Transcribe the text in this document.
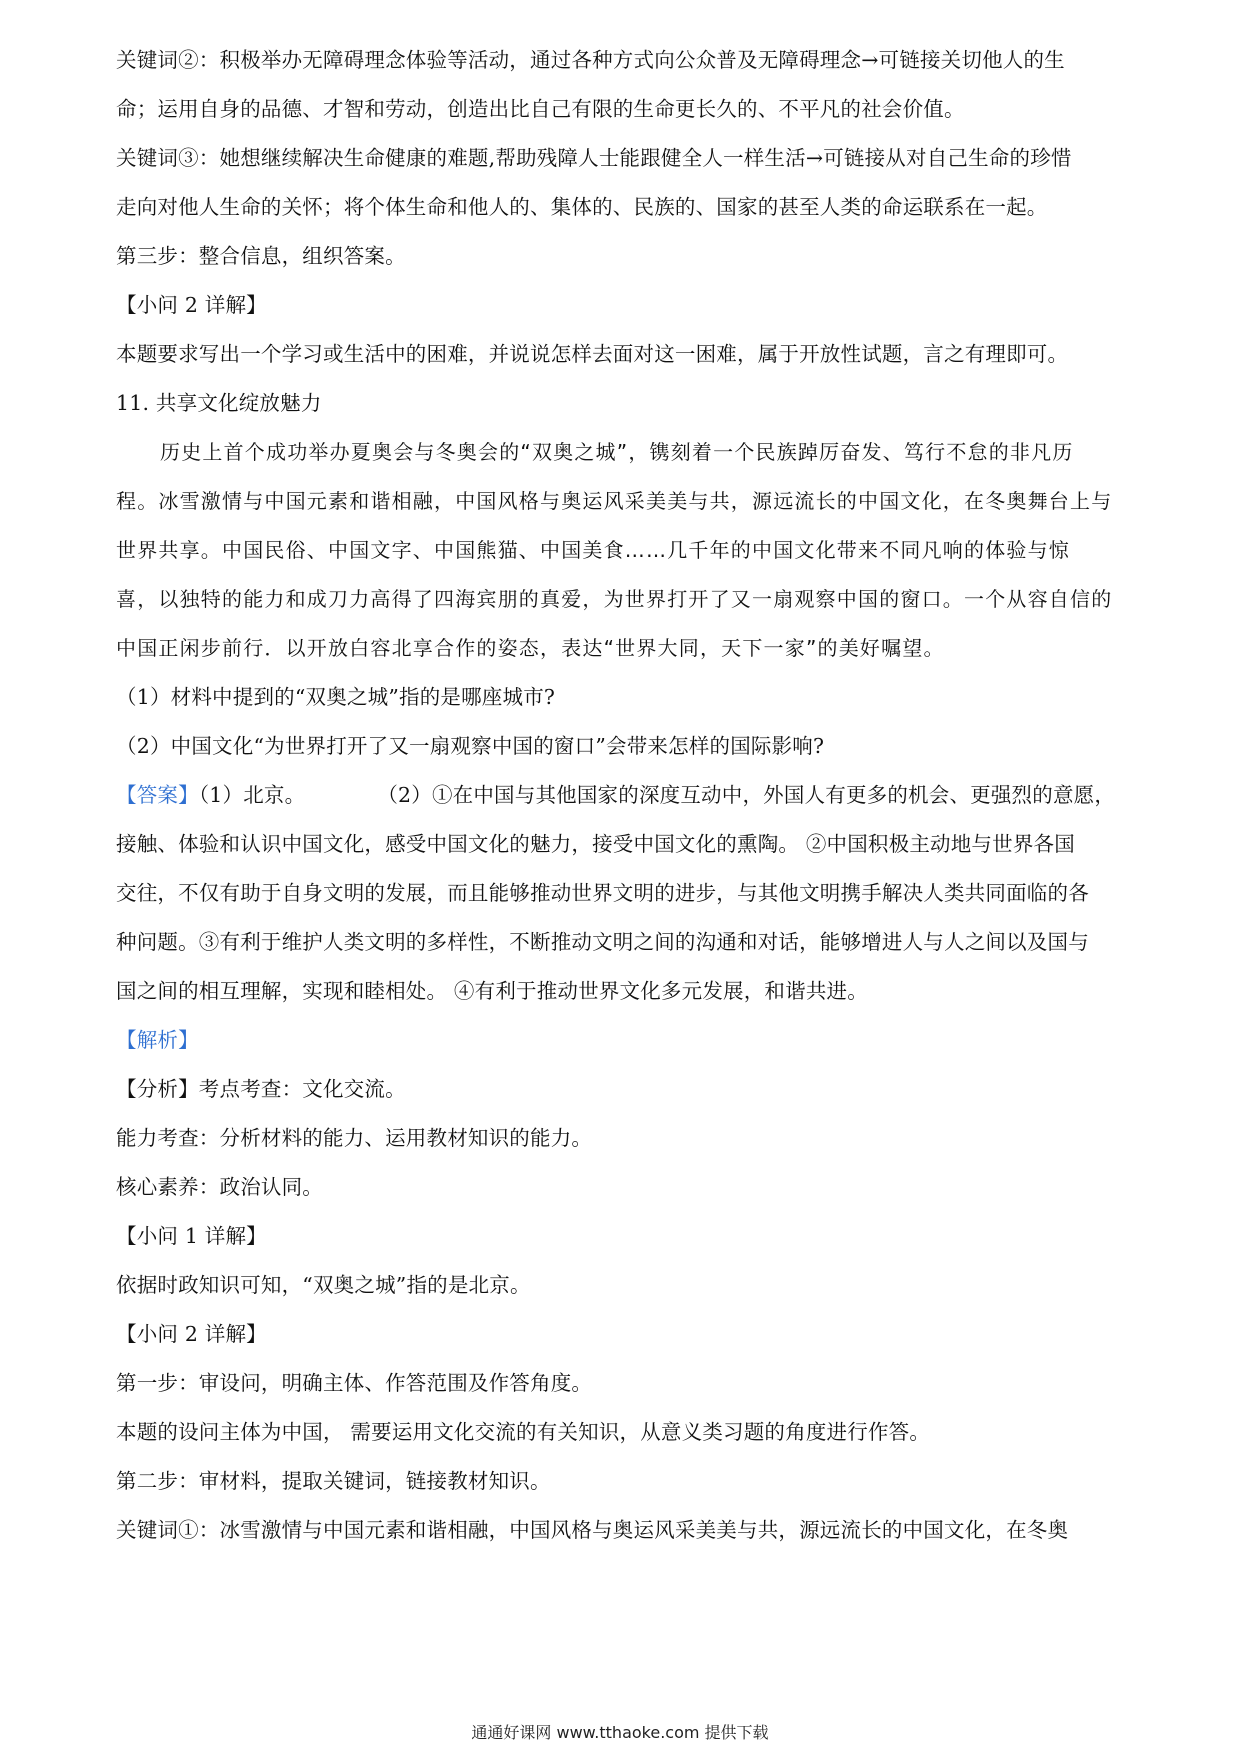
关键词②：积极举办无障碍理念体验等活动，通过各种方式向公众普及无障碍理念→可链接关切他人的生
命；运用自身的品德、才智和劳动，创造出比自己有限的生命更长久的、不平凡的社会价值。
关键词③：她想继续解决生命健康的难题,帮助残障人士能跟健全人一样生活→可链接从对自己生命的珍惜
走向对他人生命的关怀；将个体生命和他人的、集体的、民族的、国家的甚至人类的命运联系在一起。
第三步：整合信息，组织答案。
【小问 2 详解】
本题要求写出一个学习或生活中的困难，并说说怎样去面对这一困难，属于开放性试题，言之有理即可。
11. 共享文化绽放魅力
历史上首个成功举办夏奥会与冬奥会的“双奥之城”，镌刻着一个民族踔厉奋发、笃行不怠的非凡历
程。冰雪激情与中国元素和谐相融，中国风格与奥运风采美美与共，源远流长的中国文化，在冬奥舞台上与
世界共享。中国民俗、中国文字、中国熊猫、中国美食……几千年的中国文化带来不同凡响的体验与惊
喜，以独特的能力和成刀力高得了四海宾朋的真爱，为世界打开了又一扇观察中国的窗口。一个从容自信的
中国正闲步前行．以开放白容北享合作的姿态，表达“世界大同，天下一家”的美好嘱望。
（1）材料中提到的“双奥之城”指的是哪座城市?
（2）中国文化“为世界打开了又一扇观察中国的窗口”会带来怎样的国际影响?
【答案】（1）北京。	（2）①在中国与其他国家的深度互动中，外国人有更多的机会、更强烈的意愿，
接触、体验和认识中国文化，感受中国文化的魅力，接受中国文化的熏陶。 ②中国积极主动地与世界各国
交往，不仅有助于自身文明的发展，而且能够推动世界文明的进步，与其他文明携手解决人类共同面临的各
种问题。③有利于维护人类文明的多样性，不断推动文明之间的沟通和对话，能够增进人与人之间以及国与
国之间的相互理解，实现和睦相处。 ④有利于推动世界文化多元发展，和谐共进。
【解析】
【分析】考点考查：文化交流。
能力考查：分析材料的能力、运用教材知识的能力。
核心素养：政治认同。
【小问 1 详解】
依据时政知识可知，“双奥之城”指的是北京。
【小问 2 详解】
第一步：审设问，明确主体、作答范围及作答角度。
本题的设问主体为中国， 需要运用文化交流的有关知识，从意义类习题的角度进行作答。
第二步：审材料，提取关键词，链接教材知识。
关键词①：冰雪激情与中国元素和谐相融，中国风格与奥运风采美美与共，源远流长的中国文化，在冬奥
通通好课网 www.tthaoke.com 提供下载
